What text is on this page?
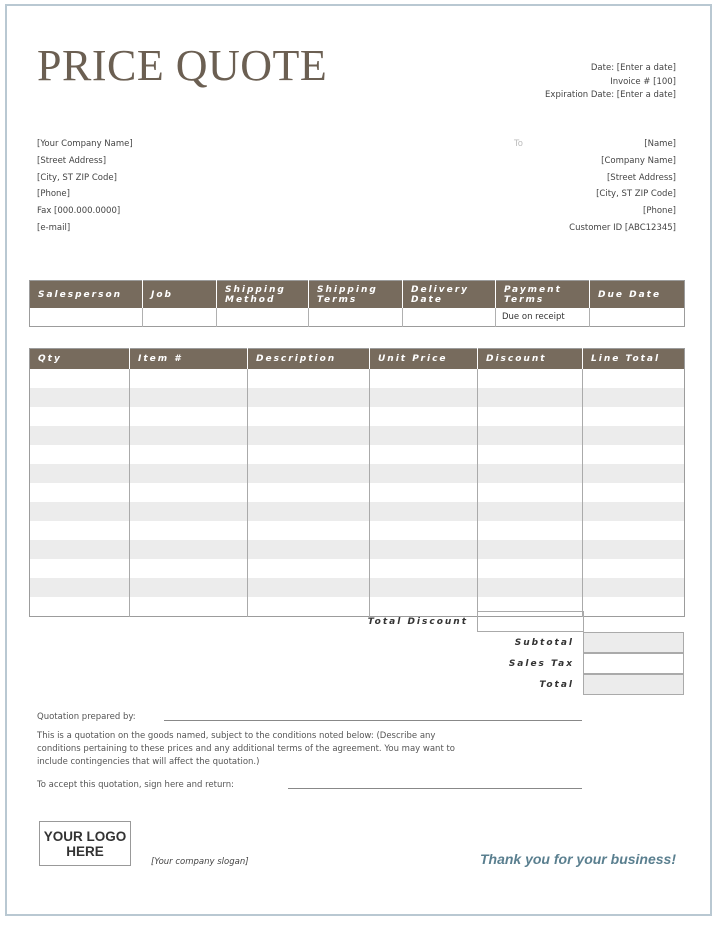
PRICE QUOTE	Date: [Enter a date]
Invoice # [100]
Expiration Date: [Enter a date]
[Your Company Name]
[Street Address]
[City, ST ZIP Code]
[Phone]
Fax [000.000.0000]
[e-mail]
To	[Name]
[Company Name]
[Street Address]
[City, ST ZIP Code]
[Phone]
Customer ID [ABC12345]
Salesperson	Job	Shipping Method	Shipping Terms	Delivery Date	Payment Terms	Due Date
					Due on receipt	
Qty	Item #	Description	Unit Price	Discount	Line Total

Total Discount
Subtotal
Sales Tax
Total
Quotation prepared by:
This is a quotation on the goods named, subject to the conditions noted below: (Describe any
conditions pertaining to these prices and any additional terms of the agreement. You may want to
include contingencies that will affect the quotation.)
To accept this quotation, sign here and return:
YOUR LOGO
HERE
[Your company slogan]	Thank you for your business!
